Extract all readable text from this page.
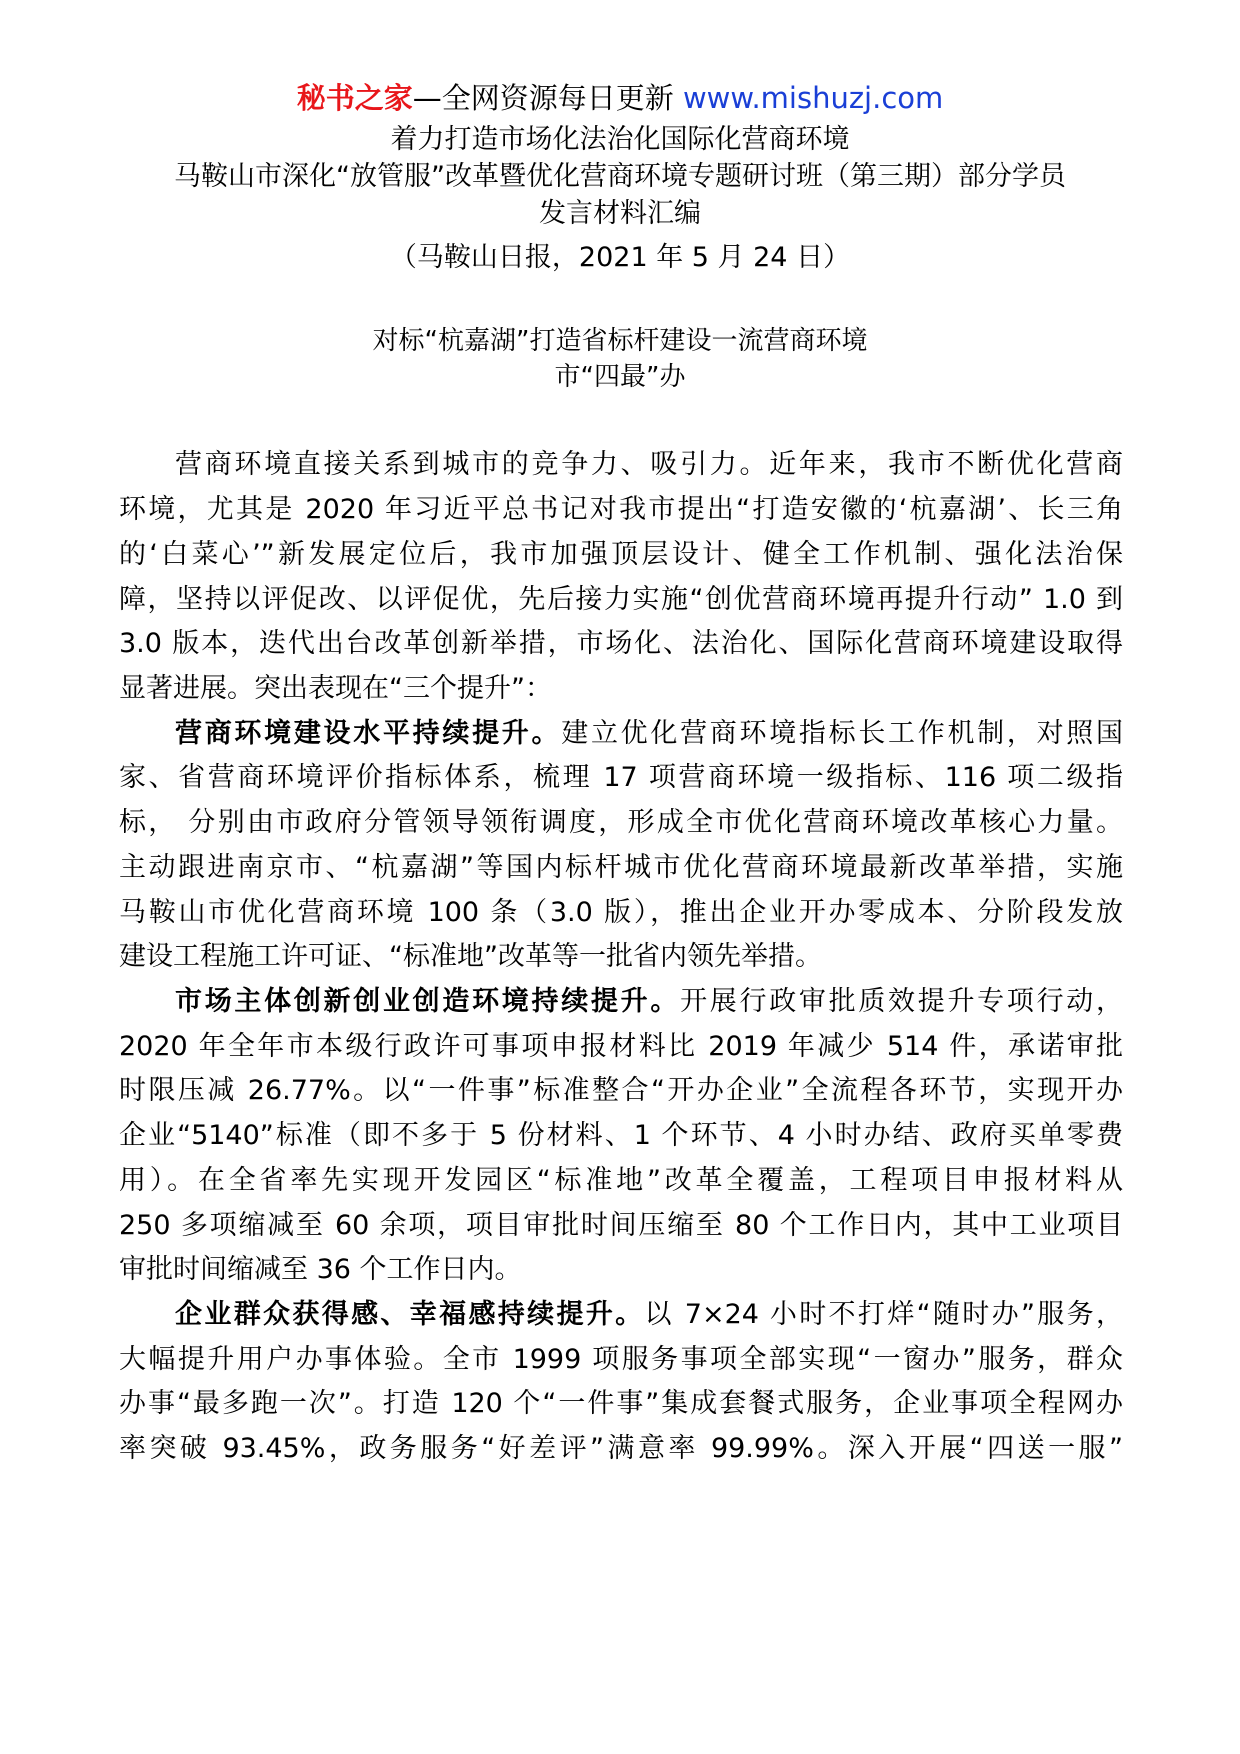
秘书之家—全网资源每日更新 www.mishuzj.com
着力打造市场化法治化国际化营商环境
马鞍山市深化“放管服”改革暨优化营商环境专题研讨班（第三期）部分学员
发言材料汇编
（马鞍山日报，2021 年 5 月 24 日）
对标“杭嘉湖”打造省标杆建设一流营商环境
市“四最”办
营商环境直接关系到城市的竞争力、吸引力。近年来，我市不断优化营商
环境，尤其是 2020 年习近平总书记对我市提出“打造安徽的‘杭嘉湖’、长三角
的‘白菜心’”新发展定位后，我市加强顶层设计、健全工作机制、强化法治保
障，坚持以评促改、以评促优，先后接力实施“创优营商环境再提升行动” 1.0 到
3.0 版本，迭代出台改革创新举措，市场化、法治化、国际化营商环境建设取得
显著进展。突出表现在“三个提升”：
营商环境建设水平持续提升。建立优化营商环境指标长工作机制，对照国
家、省营商环境评价指标体系，梳理 17 项营商环境一级指标、116 项二级指
标， 分别由市政府分管领导领衔调度，形成全市优化营商环境改革核心力量。
主动跟进南京市、“杭嘉湖”等国内标杆城市优化营商环境最新改革举措，实施
马鞍山市优化营商环境 100 条（3.0 版），推出企业开办零成本、分阶段发放
建设工程施工许可证、“标准地”改革等一批省内领先举措。
市场主体创新创业创造环境持续提升。开展行政审批质效提升专项行动，
2020 年全年市本级行政许可事项申报材料比 2019 年减少 514 件，承诺审批
时限压减 26.77%。以“一件事”标准整合“开办企业”全流程各环节，实现开办
企业“5140”标准（即不多于 5 份材料、1 个环节、4 小时办结、政府买单零费
用）。在全省率先实现开发园区“标准地”改革全覆盖，工程项目申报材料从
250 多项缩减至 60 余项，项目审批时间压缩至 80 个工作日内，其中工业项目
审批时间缩减至 36 个工作日内。
企业群众获得感、幸福感持续提升。以 7×24 小时不打烊“随时办”服务，
大幅提升用户办事体验。全市 1999 项服务事项全部实现“一窗办”服务，群众
办事“最多跑一次”。打造 120 个“一件事”集成套餐式服务，企业事项全程网办
率突破 93.45%，政务服务“好差评”满意率 99.99%。深入开展“四送一服”
